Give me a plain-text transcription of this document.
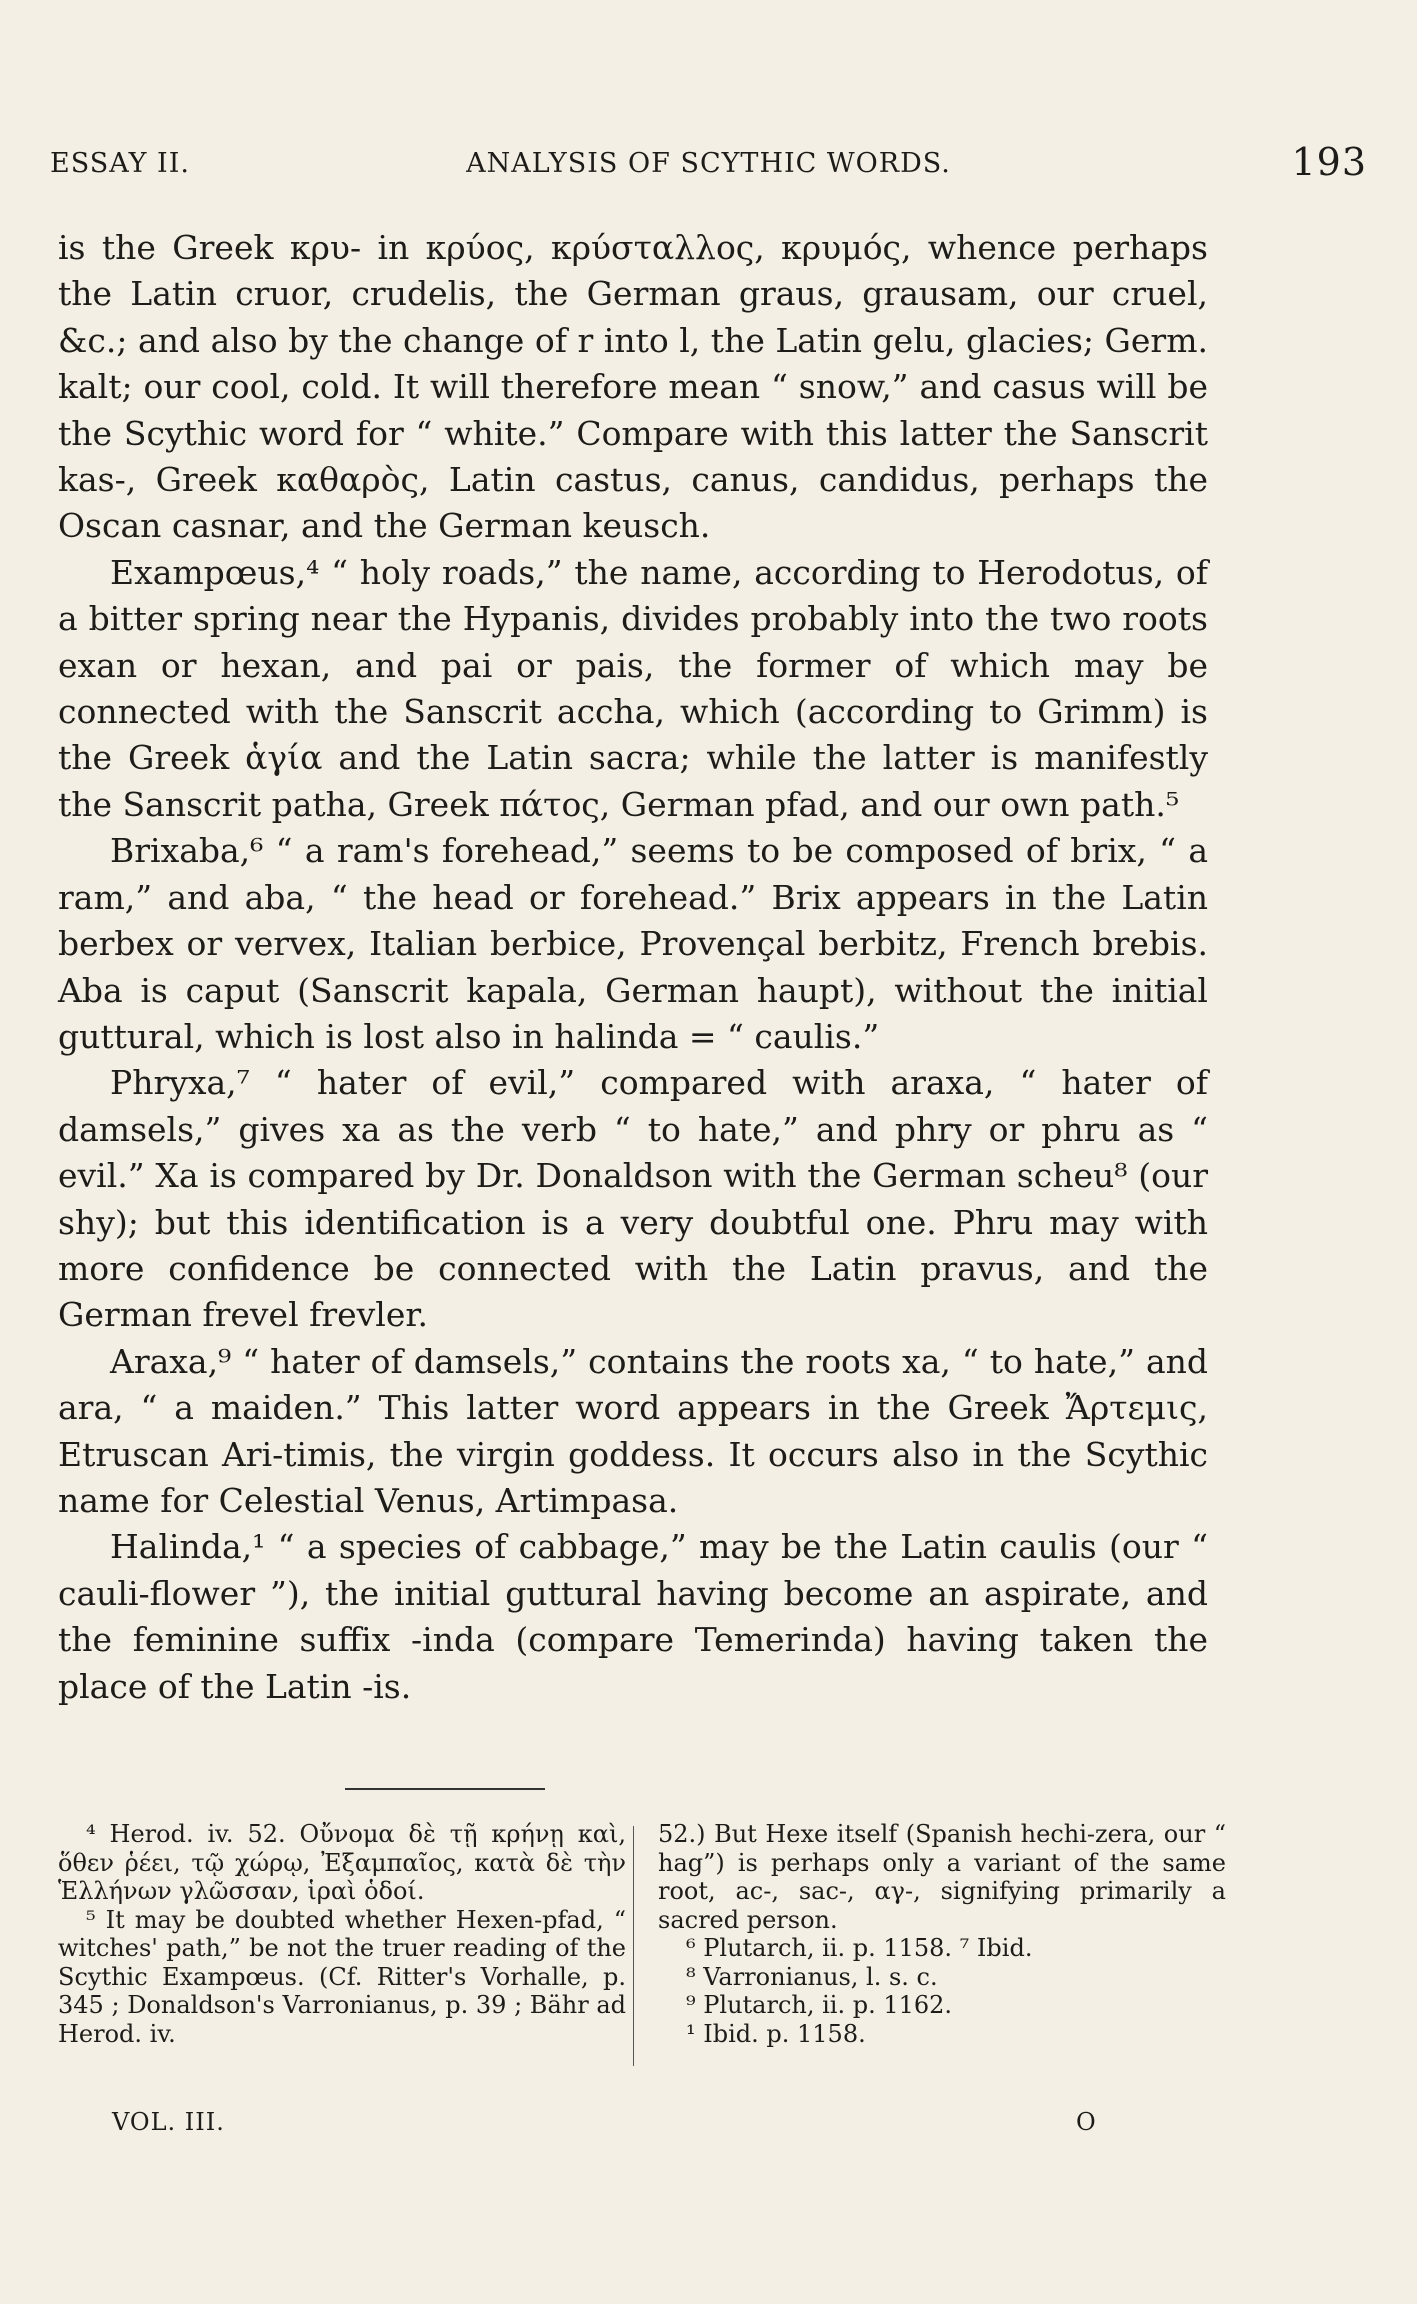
ESSAY II.	ANALYSIS OF SCYTHIC WORDS.	193

is the Greek κρυ- in κρύος, κρύσταλλος, κρυμός, whence perhaps the Latin cruor, crudelis, the German graus, grausam, our cruel, &c.; and also by the change of r into l, the Latin gelu, glacies; Germ. kalt; our cool, cold. It will therefore mean “ snow,” and casus will be the Scythic word for “ white.” Compare with this latter the Sanscrit kas-, Greek καθαρὸς, Latin castus, canus, candidus, perhaps the Oscan casnar, and the German keusch.

Exampœus,⁴ “ holy roads,” the name, according to Herodotus, of a bitter spring near the Hypanis, divides probably into the two roots exan or hexan, and pai or pais, the former of which may be connected with the Sanscrit accha, which (according to Grimm) is the Greek ἁγία and the Latin sacra; while the latter is manifestly the Sanscrit patha, Greek πάτος, German pfad, and our own path.⁵

Brixaba,⁶ “ a ram's forehead,” seems to be composed of brix, “ a ram,” and aba, “ the head or forehead.” Brix appears in the Latin berbex or vervex, Italian berbice, Provençal berbitz, French brebis. Aba is caput (Sanscrit kapala, German haupt), without the initial guttural, which is lost also in halinda = “ caulis.”

Phryxa,⁷ “ hater of evil,” compared with araxa, “ hater of damsels,” gives xa as the verb “ to hate,” and phry or phru as “ evil.” Xa is compared by Dr. Donaldson with the German scheu⁸ (our shy); but this identification is a very doubtful one. Phru may with more confidence be connected with the Latin pravus, and the German frevel frevler.

Araxa,⁹ “ hater of damsels,” contains the roots xa, “ to hate,” and ara, “ a maiden.” This latter word appears in the Greek Ἄρτεμις, Etruscan Ari-timis, the virgin goddess. It occurs also in the Scythic name for Celestial Venus, Artimpasa.

Halinda,¹ “ a species of cabbage,” may be the Latin caulis (our “ cauli-flower ”), the initial guttural having become an aspirate, and the feminine suffix -inda (compare Temerinda) having taken the place of the Latin -is.

⁴ Herod. iv. 52. Οὔνομα δὲ τῇ κρήνῃ καὶ, ὅθεν ῥέει, τῷ χώρῳ, Ἐξαμπαῖος, κατὰ δὲ τὴν Ἑλλήνων γλῶσσαν, ἱραὶ ὁδοί.

⁵ It may be doubted whether Hexen-pfad, “ witches' path,” be not the truer reading of the Scythic Exampœus. (Cf. Ritter's Vorhalle, p. 345 ; Donaldson's Varronianus, p. 39 ; Bähr ad Herod. iv.

52.) But Hexe itself (Spanish hechi-zera, our “ hag”) is perhaps only a variant of the same root, ac-, sac-, αγ-, signifying primarily a sacred person.

⁶ Plutarch, ii. p. 1158. ⁷ Ibid.

⁸ Varronianus, l. s. c.

⁹ Plutarch, ii. p. 1162.

¹ Ibid. p. 1158.

VOL. III.	O
